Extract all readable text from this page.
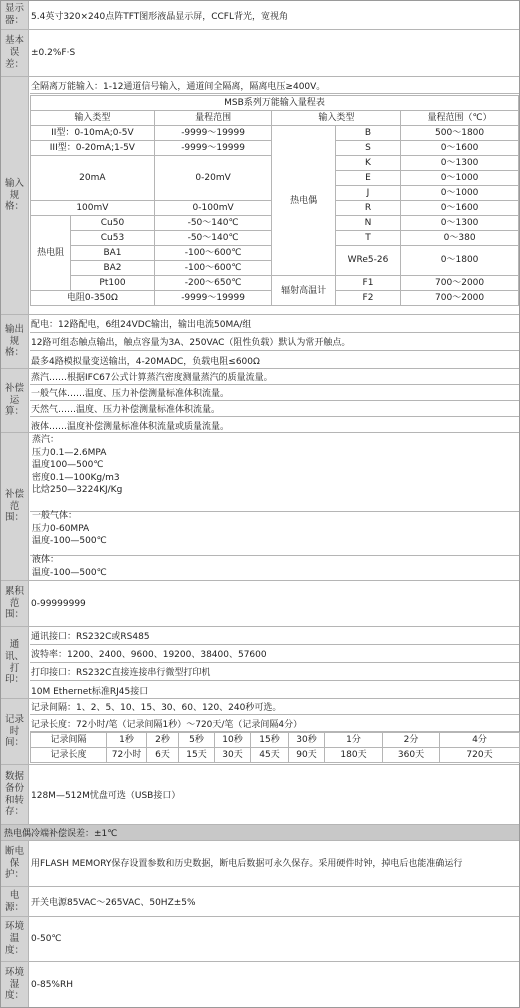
显示器： 5.4英寸320×240点阵TFT图形液晶显示屏，CCFL背光，宽视角
基本误差：
±0.2%F·S
输入规格：
全隔离万能输入：1-12通道信号输入，通道间全隔离，隔离电压≥400V。
MSB系列万能输入量程表					
输入类型		量程范围	输入类型		量程范围（℃）
II型：0-10mA;0-5V		-9999～19999	热电偶	B	500～1800
III型：0-20mA;1-5V		-9999～19999		S	0～1600
20mA		0-20mV		K	0～1300
				E	0～1000
				J	0～1000
100mV		0-100mV		R	0～1600
热电阻	Cu50	-50～140℃		N	0～1300
	Cu53	-50～140℃		T	0～380
	BA1	-100～600℃		WRe5-26	0～1800
	BA2	-100～600℃			
	Pt100	-200～650℃	辐射高温计	F1	700～2000
电阻0-350Ω		-9999～19999		F2	700～2000
输出规格：
配电：12路配电，6组24VDC输出，输出电流50MA/组
12路可组态触点输出，触点容量为3A、250VAC（阻性负载）默认为常开触点。
最多4路模拟量变送输出，4-20MADC，负载电阻≤600Ω
补偿运算：
蒸汽……根据IFC67公式计算蒸汽密度测量蒸汽的质量流量。
一般气体……温度、压力补偿测量标准体积流量。
天然气……温度、压力补偿测量标准体积流量。
液体……温度补偿测量标准体积流量或质量流量。
补偿范围：
蒸汽：
压力0.1—2.6MPA
温度100—500℃
密度0.1—100Kg/m3
比焓250—3224KJ/Kg
一般气体：
压力0-60MPA
温度-100—500℃
液体：
温度-100—500℃
累积范围：
0-99999999
通讯、打印：
通讯接口：RS232C或RS485
波特率：1200、2400、9600、19200、38400、57600
打印接口：RS232C直接连接串行微型打印机
10M Ethernet标准RJ45接口
记录时间：
记录间隔：1、2、5、10、15、30、60、120、240秒可选。
记录长度：72小时/笔（记录间隔1秒）～720天/笔（记录间隔4分）
记录间隔	1秒	2秒	5秒	10秒	15秒	30秒	1分	2分	4分
记录长度	72小时	6天	15天	30天	45天	90天	180天	360天	720天
数据备份和转存：
128M—512M忧盘可选（USB接口）
热电偶冷端补偿误差：±1℃
断电保护：
用FLASH MEMORY保存设置参数和历史数据，断电后数据可永久保存。采用硬件时钟，掉电后也能准确运行
电源： 开关电源85VAC～265VAC、50HZ±5%
环境温度：
0-50℃
环境湿度：
0-85%RH
